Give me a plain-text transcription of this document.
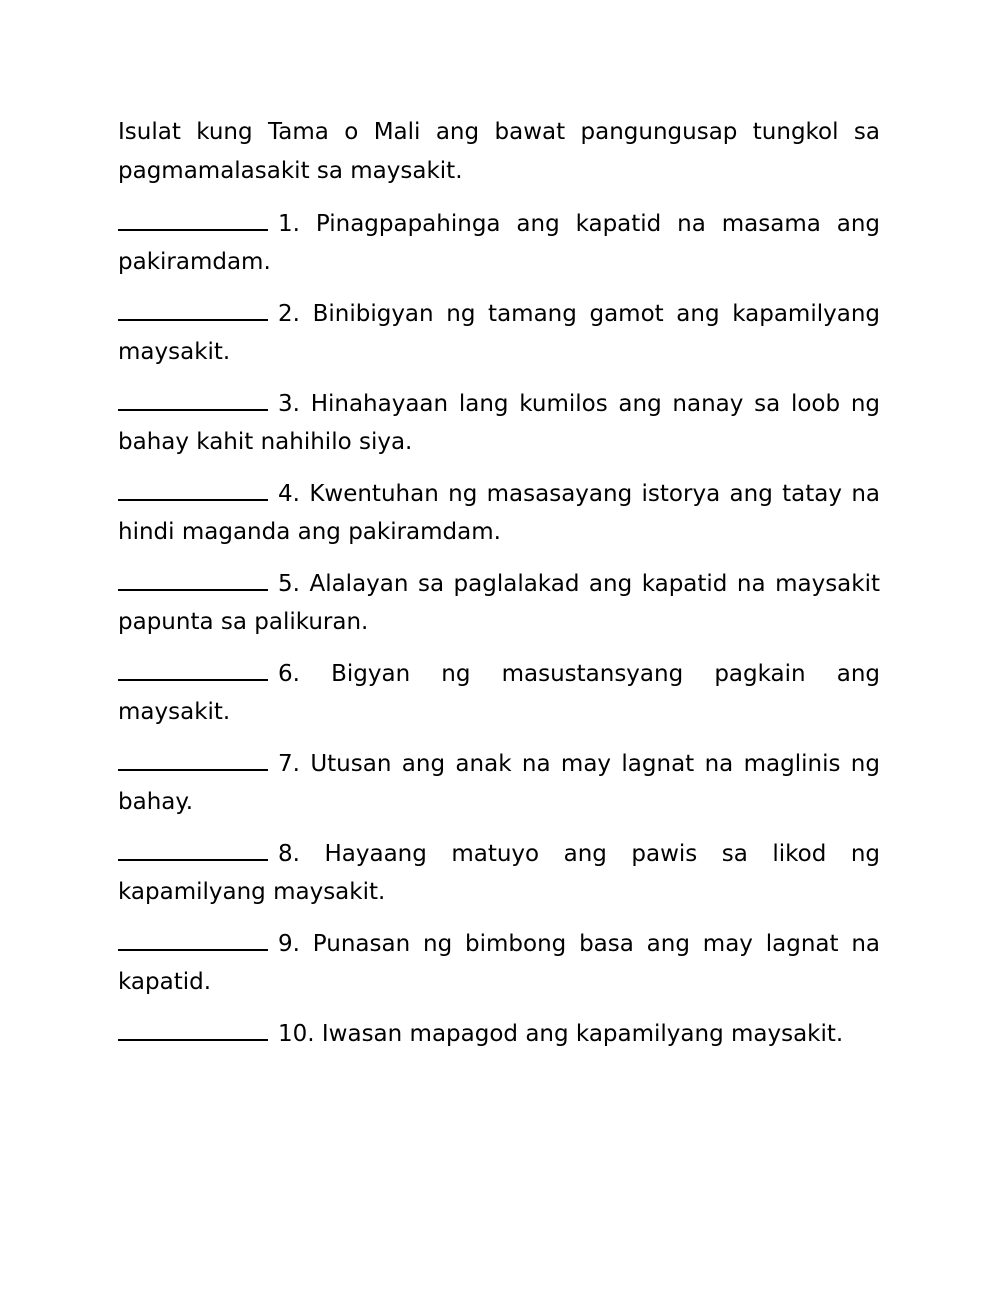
Isulat kung Tama o Mali ang bawat pangungusap tungkol sa pagmamalasakit sa maysakit.

1. Pinagpapahinga ang kapatid na masama ang pakiramdam.

2. Binibigyan ng tamang gamot ang kapamilyang maysakit.

3. Hinahayaan lang kumilos ang nanay sa loob ng bahay kahit nahihilo siya.

4. Kwentuhan ng masasayang istorya ang tatay na hindi maganda ang pakiramdam.

5. Alalayan sa paglalakad ang kapatid na maysakit papunta sa palikuran.

6. Bigyan ng masustansyang pagkain ang maysakit.

7. Utusan ang anak na may lagnat na maglinis ng bahay.

8. Hayaang matuyo ang pawis sa likod ng kapamilyang maysakit.

9. Punasan ng bimbong basa ang may lagnat na kapatid.

10. Iwasan mapagod ang kapamilyang maysakit.
